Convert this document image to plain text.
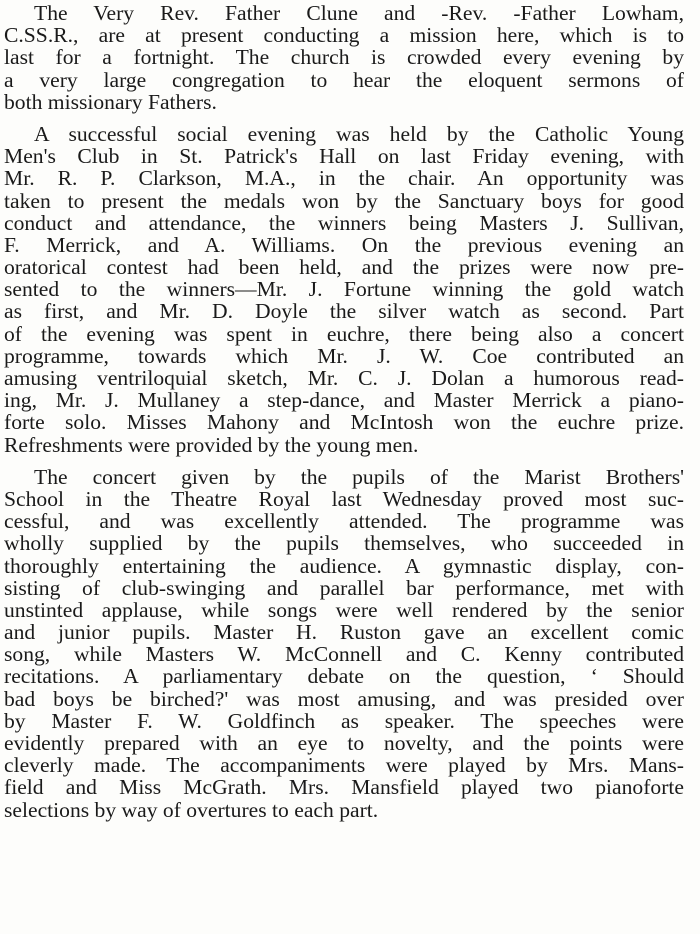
The Very Rev. Father Clune and -Rev. -Father Lowham,
C.SS.R., are at present conducting a mission here, which is to
last for a fortnight. The church is crowded every evening by
a very large congregation to hear the eloquent sermons of
both missionary Fathers.
A successful social evening was held by the Catholic Young
Men's Club in St. Patrick's Hall on last Friday evening, with
Mr. R. P. Clarkson, M.A., in the chair. An opportunity was
taken to present the medals won by the Sanctuary boys for good
conduct and attendance, the winners being Masters J. Sullivan,
F. Merrick, and A. Williams. On the previous evening an
oratorical contest had been held, and the prizes were now pre-
sented to the winners—Mr. J. Fortune winning the gold watch
as first, and Mr. D. Doyle the silver watch as second. Part
of the evening was spent in euchre, there being also a concert
programme, towards which Mr. J. W. Coe contributed an
amusing ventriloquial sketch, Mr. C. J. Dolan a humorous read-
ing, Mr. J. Mullaney a step-dance, and Master Merrick a piano-
forte solo. Misses Mahony and McIntosh won the euchre prize.
Refreshments were provided by the young men.
The concert given by the pupils of the Marist Brothers'
School in the Theatre Royal last Wednesday proved most suc-
cessful, and was excellently attended. The programme was
wholly supplied by the pupils themselves, who succeeded in
thoroughly entertaining the audience. A gymnastic display, con-
sisting of club-swinging and parallel bar performance, met with
unstinted applause, while songs were well rendered by the senior
and junior pupils. Master H. Ruston gave an excellent comic
song, while Masters W. McConnell and C. Kenny contributed
recitations. A parliamentary debate on the question, ‘ Should
bad boys be birched?' was most amusing, and was presided over
by Master F. W. Goldfinch as speaker. The speeches were
evidently prepared with an eye to novelty, and the points were
cleverly made. The accompaniments were played by Mrs. Mans-
field and Miss McGrath. Mrs. Mansfield played two pianoforte
selections by way of overtures to each part.
